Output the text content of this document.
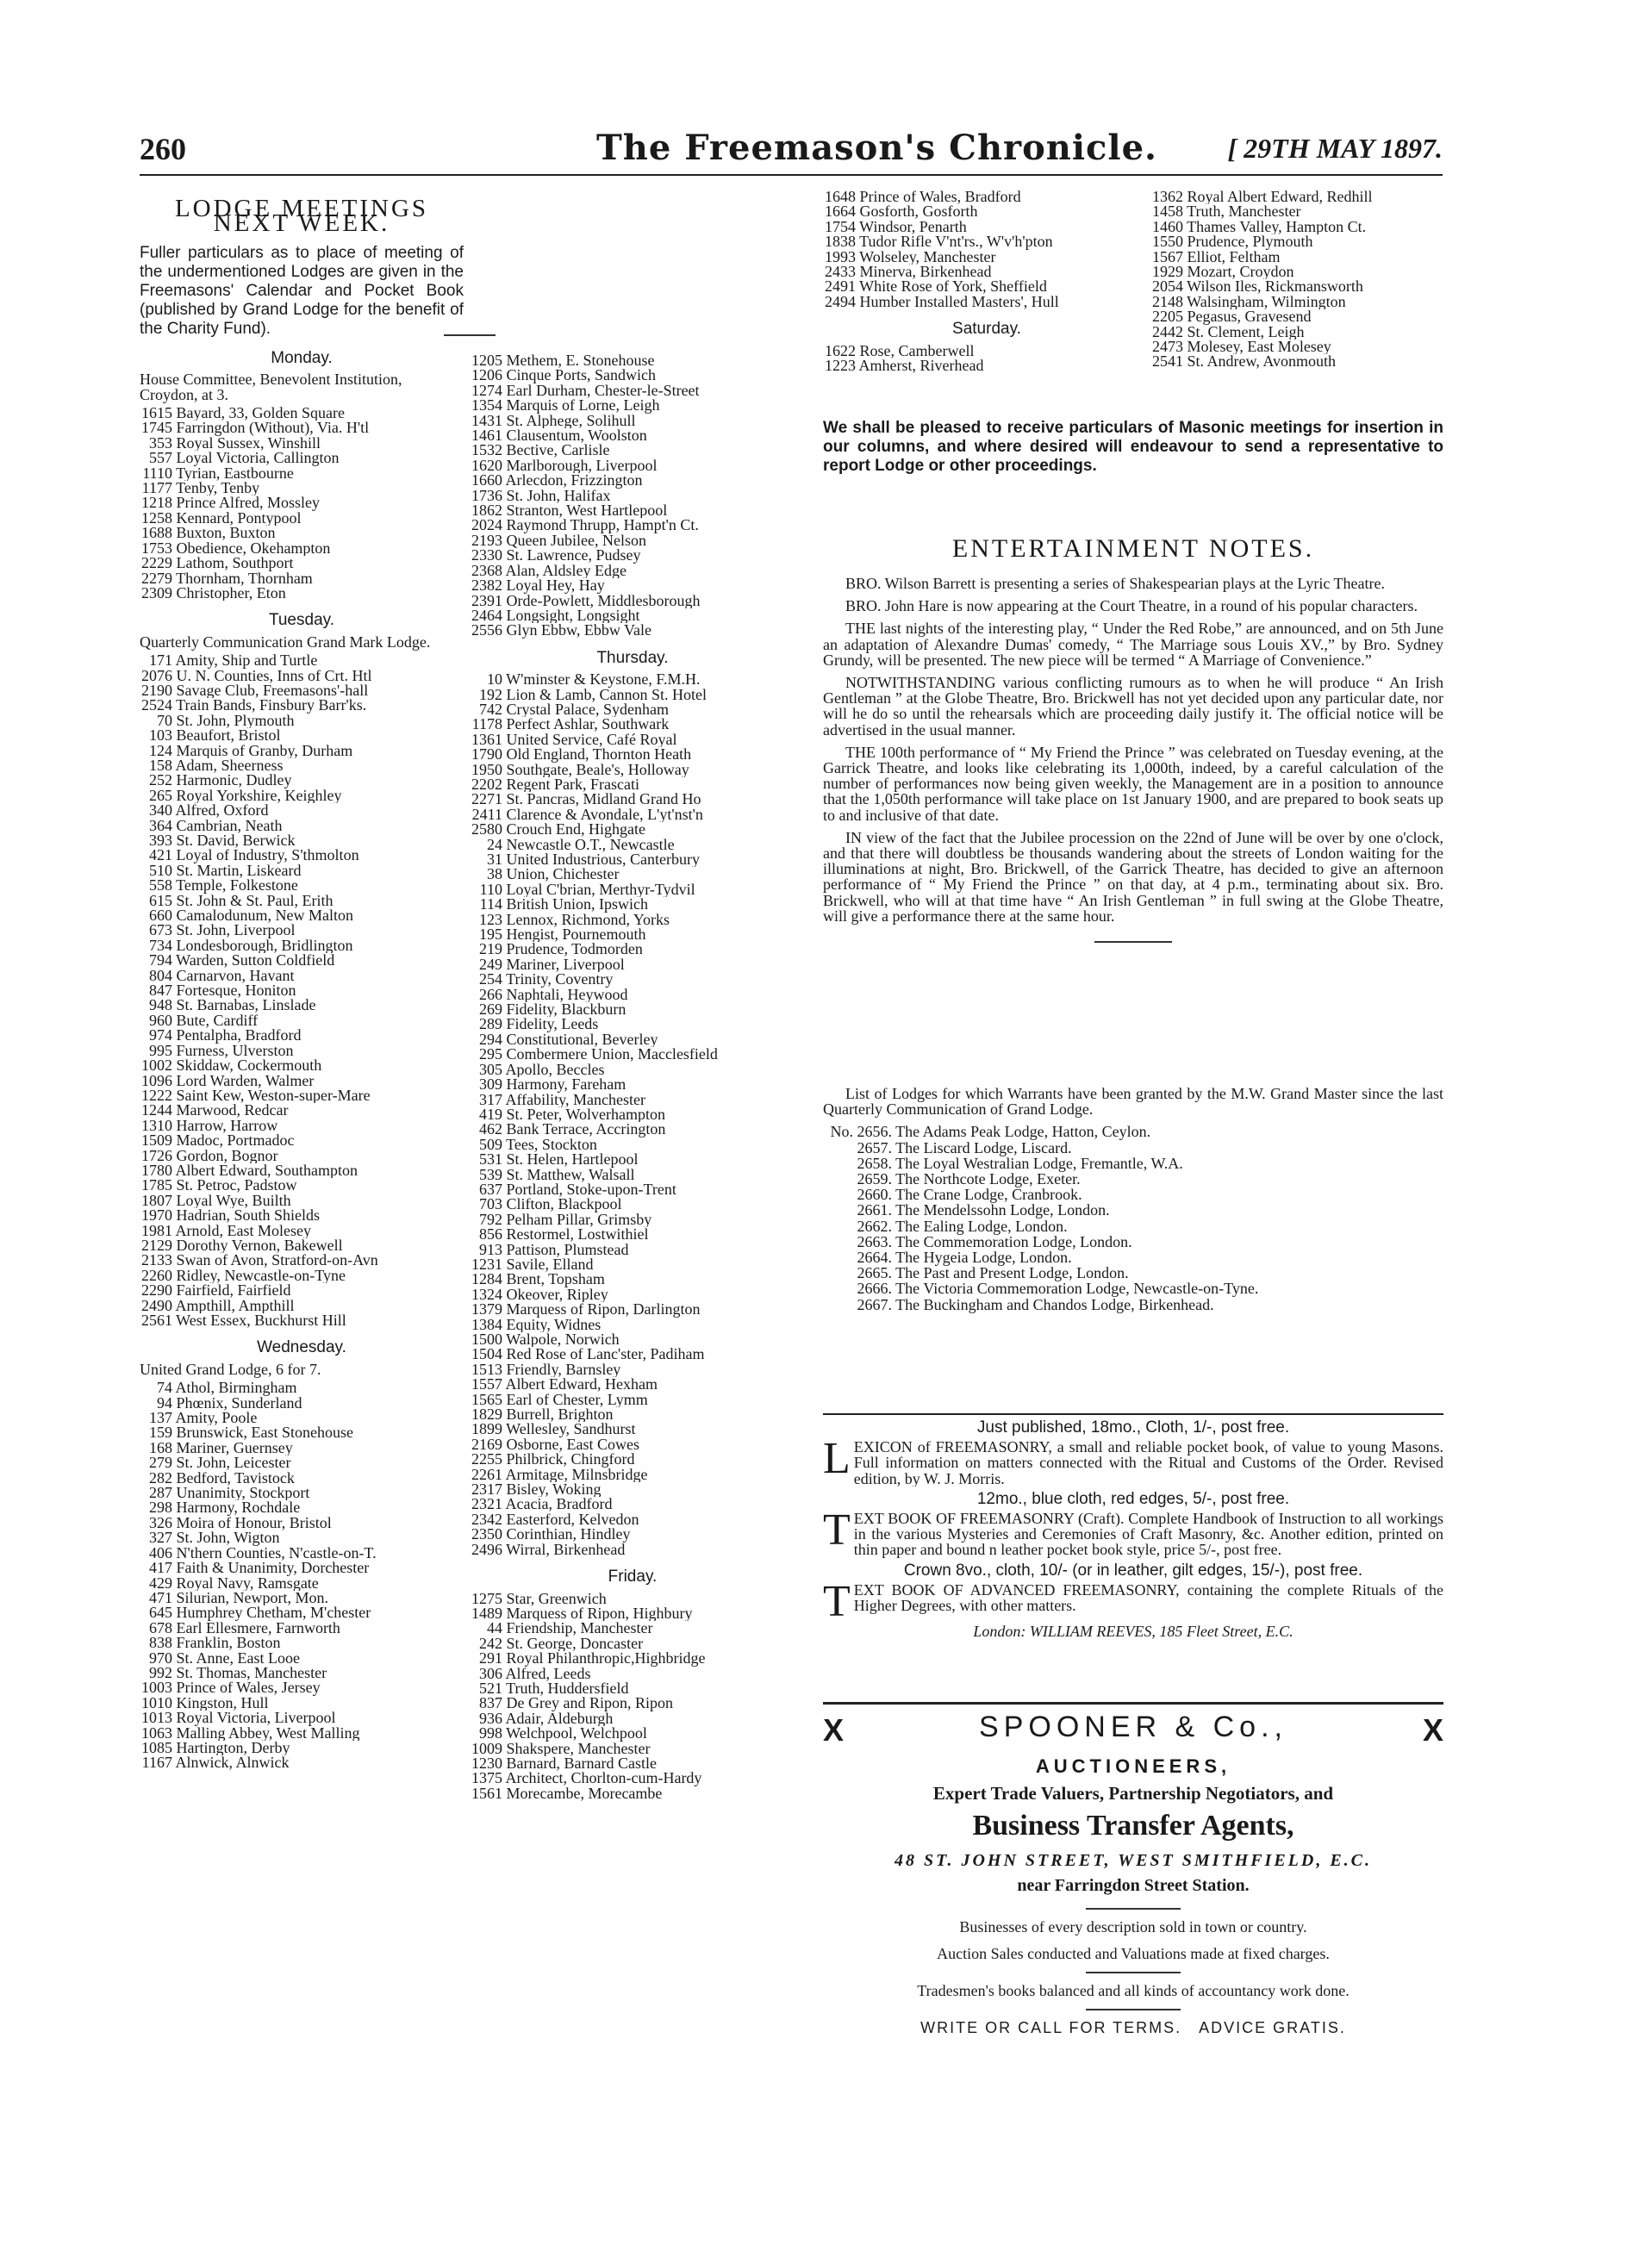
260	The Freemason's Chronicle.	[ 29TH MAY 1897.
LODGE MEETINGS NEXT WEEK.
Fuller particulars as to place of meeting of the undermentioned Lodges are given in the Freemasons' Calendar and Pocket Book (published by Grand Lodge for the benefit of the Charity Fund).
Monday.
House Committee, Benevolent Institution, Croydon, at 3.
1615 Bayard, 33, Golden Square
1745 Farringdon (Without), Via. H'tl
353 Royal Sussex, Winshill
557 Loyal Victoria, Callington
1110 Tyrian, Eastbourne
1177 Tenby, Tenby
1218 Prince Alfred, Mossley
1258 Kennard, Pontypool
1688 Buxton, Buxton
1753 Obedience, Okehampton
2229 Lathom, Southport
2279 Thornham, Thornham
2309 Christopher, Eton
Tuesday.
Quarterly Communication Grand Mark Lodge.
171 Amity, Ship and Turtle
2076 U. N. Counties, Inns of Crt. Htl
2190 Savage Club, Freemasons'-hall
2524 Train Bands, Finsbury Barr'ks.
70 St. John, Plymouth
103 Beaufort, Bristol
124 Marquis of Granby, Durham
158 Adam, Sheerness
252 Harmonic, Dudley
265 Royal Yorkshire, Keighley
340 Alfred, Oxford
364 Cambrian, Neath
393 St. David, Berwick
421 Loyal of Industry, S'thmolton
510 St. Martin, Liskeard
558 Temple, Folkestone
615 St. John & St. Paul, Erith
660 Camalodunum, New Malton
673 St. John, Liverpool
734 Londesborough, Bridlington
794 Warden, Sutton Coldfield
804 Carnarvon, Havant
847 Fortesque, Honiton
948 St. Barnabas, Linslade
960 Bute, Cardiff
974 Pentalpha, Bradford
995 Furness, Ulverston
1002 Skiddaw, Cockermouth
1096 Lord Warden, Walmer
1222 Saint Kew, Weston-super-Mare
1244 Marwood, Redcar
1310 Harrow, Harrow
1509 Madoc, Portmadoc
1726 Gordon, Bognor
1780 Albert Edward, Southampton
1785 St. Petroc, Padstow
1807 Loyal Wye, Builth
1970 Hadrian, South Shields
1981 Arnold, East Molesey
2129 Dorothy Vernon, Bakewell
2133 Swan of Avon, Stratford-on-Avn
2260 Ridley, Newcastle-on-Tyne
2290 Fairfield, Fairfield
2490 Ampthill, Ampthill
2561 West Essex, Buckhurst Hill
Wednesday.
United Grand Lodge, 6 for 7.
74 Athol, Birmingham
94 Phœnix, Sunderland
137 Amity, Poole
159 Brunswick, East Stonehouse
168 Mariner, Guernsey
279 St. John, Leicester
282 Bedford, Tavistock
287 Unanimity, Stockport
298 Harmony, Rochdale
326 Moira of Honour, Bristol
327 St. John, Wigton
406 N'thern Counties, N'castle-on-T.
417 Faith & Unanimity, Dorchester
429 Royal Navy, Ramsgate
471 Silurian, Newport, Mon.
645 Humphrey Chetham, M'chester
678 Earl Ellesmere, Farnworth
838 Franklin, Boston
970 St. Anne, East Looe
992 St. Thomas, Manchester
1003 Prince of Wales, Jersey
1010 Kingston, Hull
1013 Royal Victoria, Liverpool
1063 Malling Abbey, West Malling
1085 Hartington, Derby
1167 Alnwick, Alnwick
1205 Methem, E. Stonehouse
1206 Cinque Ports, Sandwich
1274 Earl Durham, Chester-le-Street
1354 Marquis of Lorne, Leigh
1431 St. Alphege, Solihull
1461 Clausentum, Woolston
1532 Bective, Carlisle
1620 Marlborough, Liverpool
1660 Arlecdon, Frizzington
1736 St. John, Halifax
1862 Stranton, West Hartlepool
2024 Raymond Thrupp, Hampt'n Ct.
2193 Queen Jubilee, Nelson
2330 St. Lawrence, Pudsey
2368 Alan, Aldsley Edge
2382 Loyal Hey, Hay
2391 Orde-Powlett, Middlesborough
2464 Longsight, Longsight
2556 Glyn Ebbw, Ebbw Vale
Thursday.
10 W'minster & Keystone, F.M.H.
192 Lion & Lamb, Cannon St. Hotel
742 Crystal Palace, Sydenham
1178 Perfect Ashlar, Southwark
1361 United Service, Café Royal
1790 Old England, Thornton Heath
1950 Southgate, Beale's, Holloway
2202 Regent Park, Frascati
2271 St. Pancras, Midland Grand Ho
2411 Clarence & Avondale, L'yt'nst'n
2580 Crouch End, Highgate
24 Newcastle O.T., Newcastle
31 United Industrious, Canterbury
38 Union, Chichester
110 Loyal C'brian, Merthyr-Tydvil
114 British Union, Ipswich
123 Lennox, Richmond, Yorks
195 Hengist, Pournemouth
219 Prudence, Todmorden
249 Mariner, Liverpool
254 Trinity, Coventry
266 Naphtali, Heywood
269 Fidelity, Blackburn
289 Fidelity, Leeds
294 Constitutional, Beverley
295 Combermere Union, Macclesfield
305 Apollo, Beccles
309 Harmony, Fareham
317 Affability, Manchester
419 St. Peter, Wolverhampton
462 Bank Terrace, Accrington
509 Tees, Stockton
531 St. Helen, Hartlepool
539 St. Matthew, Walsall
637 Portland, Stoke-upon-Trent
703 Clifton, Blackpool
792 Pelham Pillar, Grimsby
856 Restormel, Lostwithiel
913 Pattison, Plumstead
1231 Savile, Elland
1284 Brent, Topsham
1324 Okeover, Ripley
1379 Marquess of Ripon, Darlington
1384 Equity, Widnes
1500 Walpole, Norwich
1504 Red Rose of Lanc'ster, Padiham
1513 Friendly, Barnsley
1557 Albert Edward, Hexham
1565 Earl of Chester, Lymm
1829 Burrell, Brighton
1899 Wellesley, Sandhurst
2169 Osborne, East Cowes
2255 Philbrick, Chingford
2261 Armitage, Milnsbridge
2317 Bisley, Woking
2321 Acacia, Bradford
2342 Easterford, Kelvedon
2350 Corinthian, Hindley
2496 Wirral, Birkenhead
Friday.
1275 Star, Greenwich
1489 Marquess of Ripon, Highbury
44 Friendship, Manchester
242 St. George, Doncaster
291 Royal Philanthropic,Highbridge
306 Alfred, Leeds
521 Truth, Huddersfield
837 De Grey and Ripon, Ripon
936 Adair, Aldeburgh
998 Welchpool, Welchpool
1009 Shakspere, Manchester
1230 Barnard, Barnard Castle
1375 Architect, Chorlton-cum-Hardy
1561 Morecambe, Morecambe
1648 Prince of Wales, Bradford
1664 Gosforth, Gosforth
1754 Windsor, Penarth
1838 Tudor Rifle V'nt'rs., W'v'h'pton
1993 Wolseley, Manchester
2433 Minerva, Birkenhead
2491 White Rose of York, Sheffield
2494 Humber Installed Masters', Hull
Saturday.
1622 Rose, Camberwell
1223 Amherst, Riverhead
1362 Royal Albert Edward, Redhill
1458 Truth, Manchester
1460 Thames Valley, Hampton Ct.
1550 Prudence, Plymouth
1567 Elliot, Feltham
1929 Mozart, Croydon
2054 Wilson Iles, Rickmansworth
2148 Walsingham, Wilmington
2205 Pegasus, Gravesend
2442 St. Clement, Leigh
2473 Molesey, East Molesey
2541 St. Andrew, Avonmouth
We shall be pleased to receive particulars of Masonic meetings for insertion in our columns, and where desired will endeavour to send a representative to report Lodge or other proceedings.
ENTERTAINMENT NOTES.

BRO. Wilson Barrett is presenting a series of Shakespearian plays at the Lyric Theatre.

BRO. John Hare is now appearing at the Court Theatre, in a round of his popular characters.

THE last nights of the interesting play, “ Under the Red Robe,” are announced, and on 5th June an adaptation of Alexandre Dumas' comedy, “ The Marriage sous Louis XV.,” by Bro. Sydney Grundy, will be presented. The new piece will be termed “ A Marriage of Convenience.”

NOTWITHSTANDING various conflicting rumours as to when he will produce “ An Irish Gentleman ” at the Globe Theatre, Bro. Brickwell has not yet decided upon any particular date, nor will he do so until the rehearsals which are proceeding daily justify it. The official notice will be advertised in the usual manner.

THE 100th performance of “ My Friend the Prince ” was celebrated on Tuesday evening, at the Garrick Theatre, and looks like celebrating its 1,000th, indeed, by a careful calculation of the number of performances now being given weekly, the Management are in a position to announce that the 1,050th performance will take place on 1st January 1900, and are prepared to book seats up to and inclusive of that date.

IN view of the fact that the Jubilee procession on the 22nd of June will be over by one o'clock, and that there will doubtless be thousands wandering about the streets of London waiting for the illuminations at night, Bro. Brickwell, of the Garrick Theatre, has decided to give an afternoon performance of “ My Friend the Prince ” on that day, at 4 p.m., terminating about six. Bro. Brickwell, who will at that time have “ An Irish Gentleman ” in full swing at the Globe Theatre, will give a performance there at the same hour.

List of Lodges for which Warrants have been granted by the M.W. Grand Master since the last Quarterly Communication of Grand Lodge.

No. 2656. The Adams Peak Lodge, Hatton, Ceylon.
2657. The Liscard Lodge, Liscard.
2658. The Loyal Westralian Lodge, Fremantle, W.A.
2659. The Northcote Lodge, Exeter.
2660. The Crane Lodge, Cranbrook.
2661. The Mendelssohn Lodge, London.
2662. The Ealing Lodge, London.
2663. The Commemoration Lodge, London.
2664. The Hygeia Lodge, London.
2665. The Past and Present Lodge, London.
2666. The Victoria Commemoration Lodge, Newcastle-on-Tyne.
2667. The Buckingham and Chandos Lodge, Birkenhead.
Just published, 18mo., Cloth, 1/-, post free.
LEXICON of FREEMASONRY, a small and reliable pocket book, of value to young Masons. Full information on matters connected with the Ritual and Customs of the Order. Revised edition, by W. J. Morris.
12mo., blue cloth, red edges, 5/-, post free.
TEXT BOOK OF FREEMASONRY (Craft). Complete Handbook of Instruction to all workings in the various Mysteries and Ceremonies of Craft Masonry, &c. Another edition, printed on thin paper and bound n leather pocket book style, price 5/-, post free.
Crown 8vo., cloth, 10/- (or in leather, gilt edges, 15/-), post free.
TEXT BOOK OF ADVANCED FREEMASONRY, containing the complete Rituals of the Higher Degrees, with other matters.
London: WILLIAM REEVES, 185 Fleet Street, E.C.
X	SPOONER & Co.,	X
AUCTIONEERS,
Expert Trade Valuers, Partnership Negotiators, and
Business Transfer Agents,
48 ST. JOHN STREET, WEST SMITHFIELD, E.C.
near Farringdon Street Station.
Businesses of every description sold in town or country.
Auction Sales conducted and Valuations made at fixed charges.
Tradesmen's books balanced and all kinds of accountancy work done.
WRITE OR CALL FOR TERMS.   ADVICE GRATIS.
